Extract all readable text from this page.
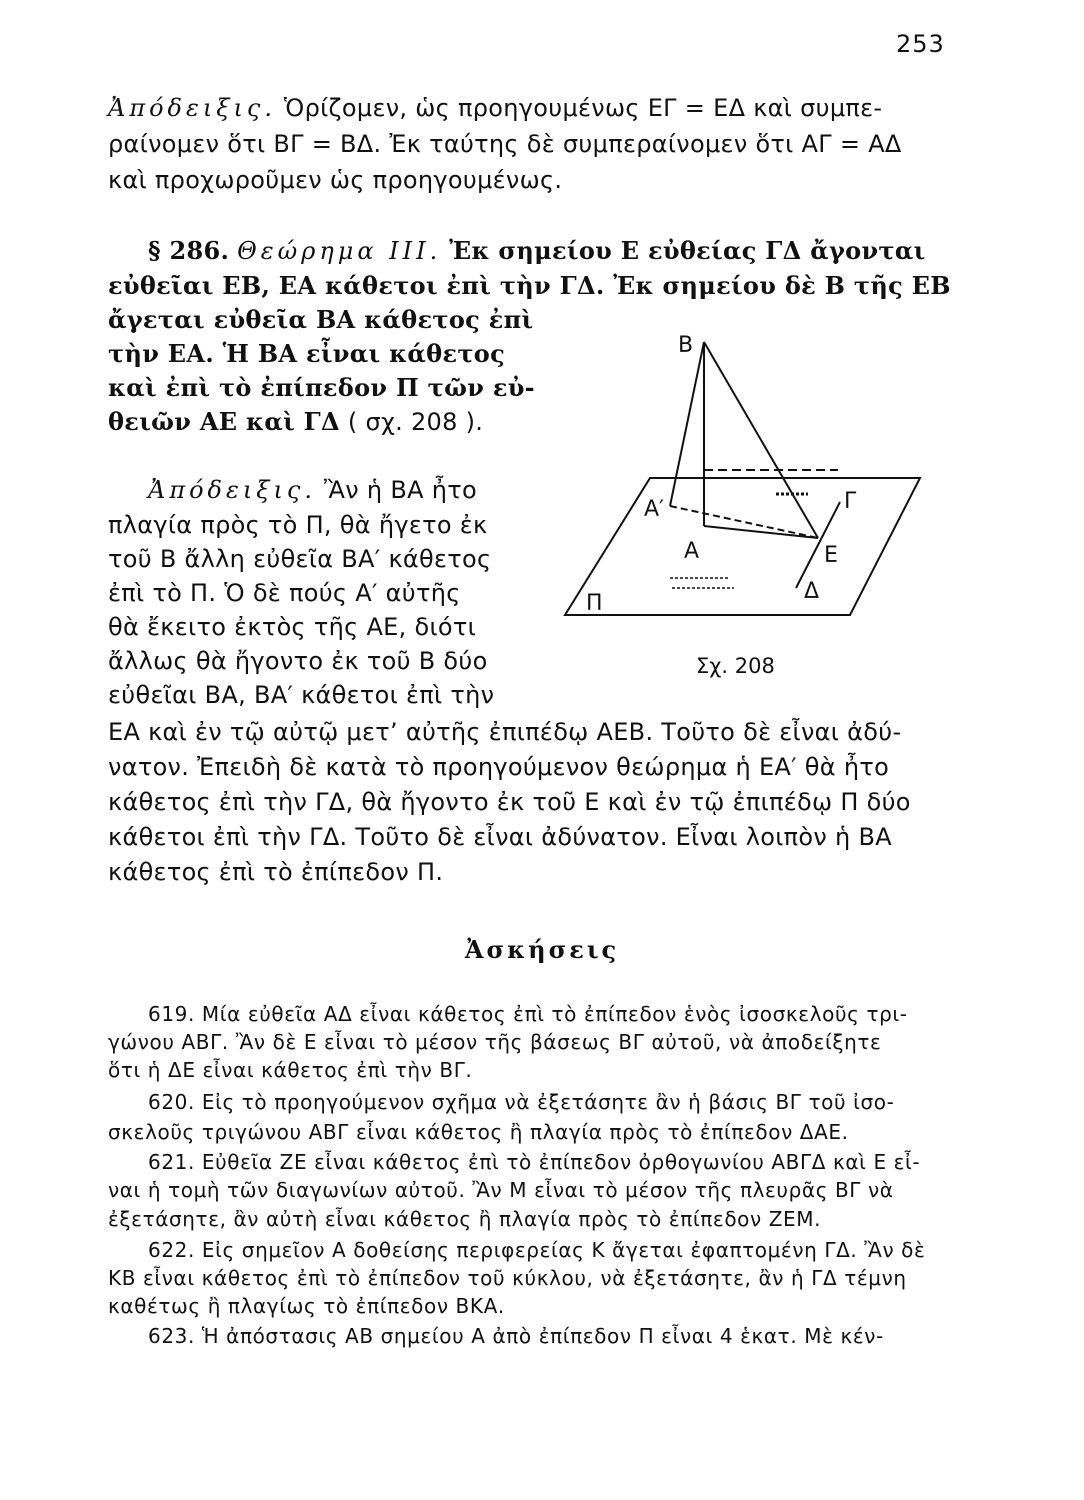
253
Ἀπόδειξις. Ὁρίζομεν, ὡς προηγουμένως ΕΓ = ΕΔ καὶ συμπε-
ραίνομεν ὅτι ΒΓ = ΒΔ. Ἐκ ταύτης δὲ συμπεραίνομεν ὅτι ΑΓ = ΑΔ
καὶ προχωροῦμεν ὡς προηγουμένως.
§ 286. Θεώρημα ΙΙΙ. Ἐκ σημείου Ε εὐθείας ΓΔ ἄγονται
εὐθεῖαι ΕΒ, ΕΑ κάθετοι ἐπὶ τὴν ΓΔ. Ἐκ σημείου δὲ Β τῆς ΕΒ
ἄγεται εὐθεῖα ΒΑ κάθετος ἐπὶ
τὴν ΕΑ. Ἡ ΒΑ εἶναι κάθετος
καὶ ἐπὶ τὸ ἐπίπεδον Π τῶν εὐ-
θειῶν ΑΕ καὶ ΓΔ ( σχ. 208 ).
Ἀπόδειξις. Ἂν ἡ ΒΑ ἦτο
πλαγία πρὸς τὸ Π, θὰ ἤγετο ἐκ
τοῦ Β ἄλλη εὐθεῖα ΒΑ′ κάθετος
ἐπὶ τὸ Π. Ὁ δὲ πούς Α′ αὐτῆς
θὰ ἔκειτο ἐκτὸς τῆς ΑΕ, διότι
ἄλλως θὰ ἤγοντο ἐκ τοῦ Β δύο
εὐθεῖαι ΒΑ, ΒΑ′ κάθετοι ἐπὶ τὴν
ΕΑ καὶ ἐν τῷ αὐτῷ μετ’ αὐτῆς ἐπιπέδῳ ΑΕΒ. Τοῦτο δὲ εἶναι ἀδύ-
νατον. Ἐπειδὴ δὲ κατὰ τὸ προηγούμενον θεώρημα ἡ ΕΑ′ θὰ ἦτο
κάθετος ἐπὶ τὴν ΓΔ, θὰ ἤγοντο ἐκ τοῦ Ε καὶ ἐν τῷ ἐπιπέδῳ Π δύο
κάθετοι ἐπὶ τὴν ΓΔ. Τοῦτο δὲ εἶναι ἀδύνατον. Εἶναι λοιπὸν ἡ ΒΑ
κάθετος ἐπὶ τὸ ἐπίπεδον Π.
Β
Α′
Α	Ε
Γ
Δ
Π
Σχ. 208
Ἀσκήσεις
619. Μία εὐθεῖα ΑΔ εἶναι κάθετος ἐπὶ τὸ ἐπίπεδον ἑνὸς ἰσοσκελοῦς τρι-
γώνου ΑΒΓ. Ἂν δὲ Ε εἶναι τὸ μέσον τῆς βάσεως ΒΓ αὐτοῦ, νὰ ἀποδείξητε
ὅτι ἡ ΔΕ εἶναι κάθετος ἐπὶ τὴν ΒΓ.
620. Εἰς τὸ προηγούμενον σχῆμα νὰ ἐξετάσητε ἂν ἡ βάσις ΒΓ τοῦ ἰσο-
σκελοῦς τριγώνου ΑΒΓ εἶναι κάθετος ἢ πλαγία πρὸς τὸ ἐπίπεδον ΔΑΕ.
621. Εὐθεῖα ΖΕ εἶναι κάθετος ἐπὶ τὸ ἐπίπεδον ὀρθογωνίου ΑΒΓΔ καὶ Ε εἶ-
ναι ἡ τομὴ τῶν διαγωνίων αὐτοῦ. Ἂν Μ εἶναι τὸ μέσον τῆς πλευρᾶς ΒΓ νὰ
ἐξετάσητε, ἂν αὐτὴ εἶναι κάθετος ἢ πλαγία πρὸς τὸ ἐπίπεδον ΖΕΜ.
622. Εἰς σημεῖον Α δοθείσης περιφερείας Κ ἄγεται ἐφαπτομένη ΓΔ. Ἂν δὲ
ΚΒ εἶναι κάθετος ἐπὶ τὸ ἐπίπεδον τοῦ κύκλου, νὰ ἐξετάσητε, ἂν ἡ ΓΔ τέμνη
καθέτως ἢ πλαγίως τὸ ἐπίπεδον ΒΚΑ.
623. Ἡ ἀπόστασις ΑΒ σημείου Α ἀπὸ ἐπίπεδον Π εἶναι 4 ἑκατ. Μὲ κέν-
